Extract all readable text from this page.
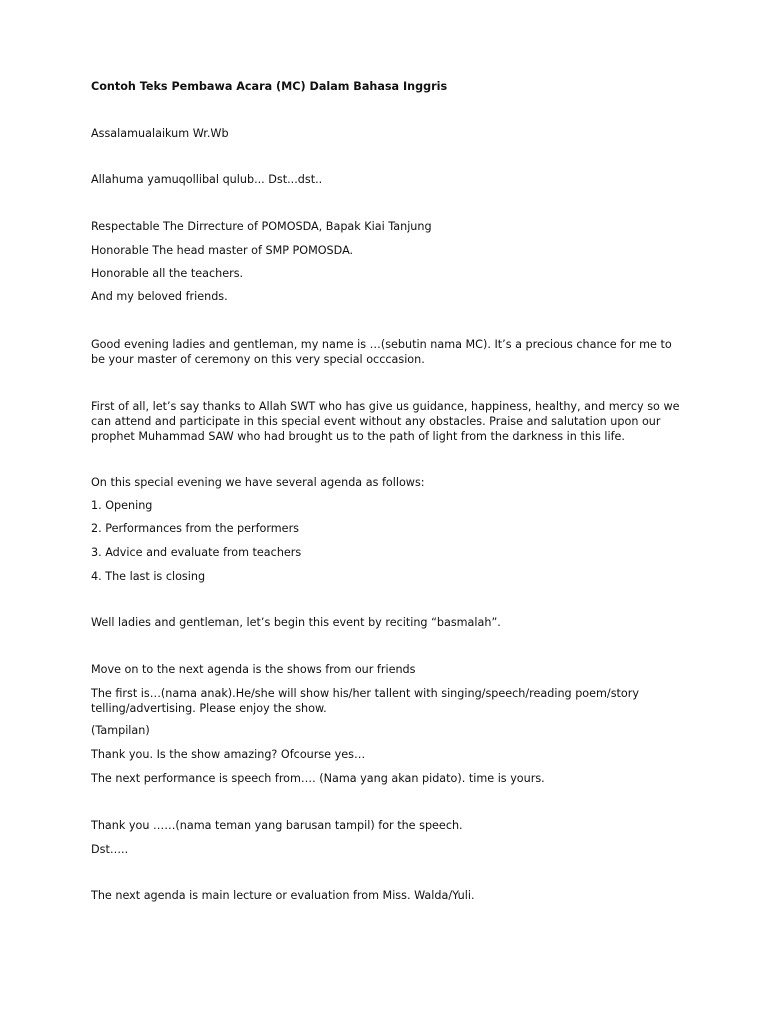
Contoh Teks Pembawa Acara (MC) Dalam Bahasa Inggris

Assalamualaikum Wr.Wb

Allahuma yamuqollibal qulub... Dst...dst..

Respectable The Dirrecture of POMOSDA, Bapak Kiai Tanjung

Honorable The head master of SMP POMOSDA.

Honorable all the teachers.

And my beloved friends.

Good evening ladies and gentleman, my name is …(sebutin nama MC). It’s a precious chance for me to be your master of ceremony on this very special occcasion.

First of all, let’s say thanks to Allah SWT who has give us guidance, happiness, healthy, and mercy so we can attend and participate in this special event without any obstacles. Praise and salutation upon our prophet Muhammad SAW who had brought us to the path of light from the darkness in this life.

On this special evening we have several agenda as follows:

1. Opening

2. Performances from the performers

3. Advice and evaluate from teachers

4. The last is closing

Well ladies and gentleman, let’s begin this event by reciting “basmalah”.

Move on to the next agenda is the shows from our friends

The first is…(nama anak).He/she will show his/her tallent with singing/speech/reading poem/story telling/advertising. Please enjoy the show.

(Tampilan)

Thank you. Is the show amazing? Ofcourse yes…

The next performance is speech from…. (Nama yang akan pidato). time is yours.

Thank you ……(nama teman yang barusan tampil) for the speech.

Dst…..

The next agenda is main lecture or evaluation from Miss. Walda/Yuli.
